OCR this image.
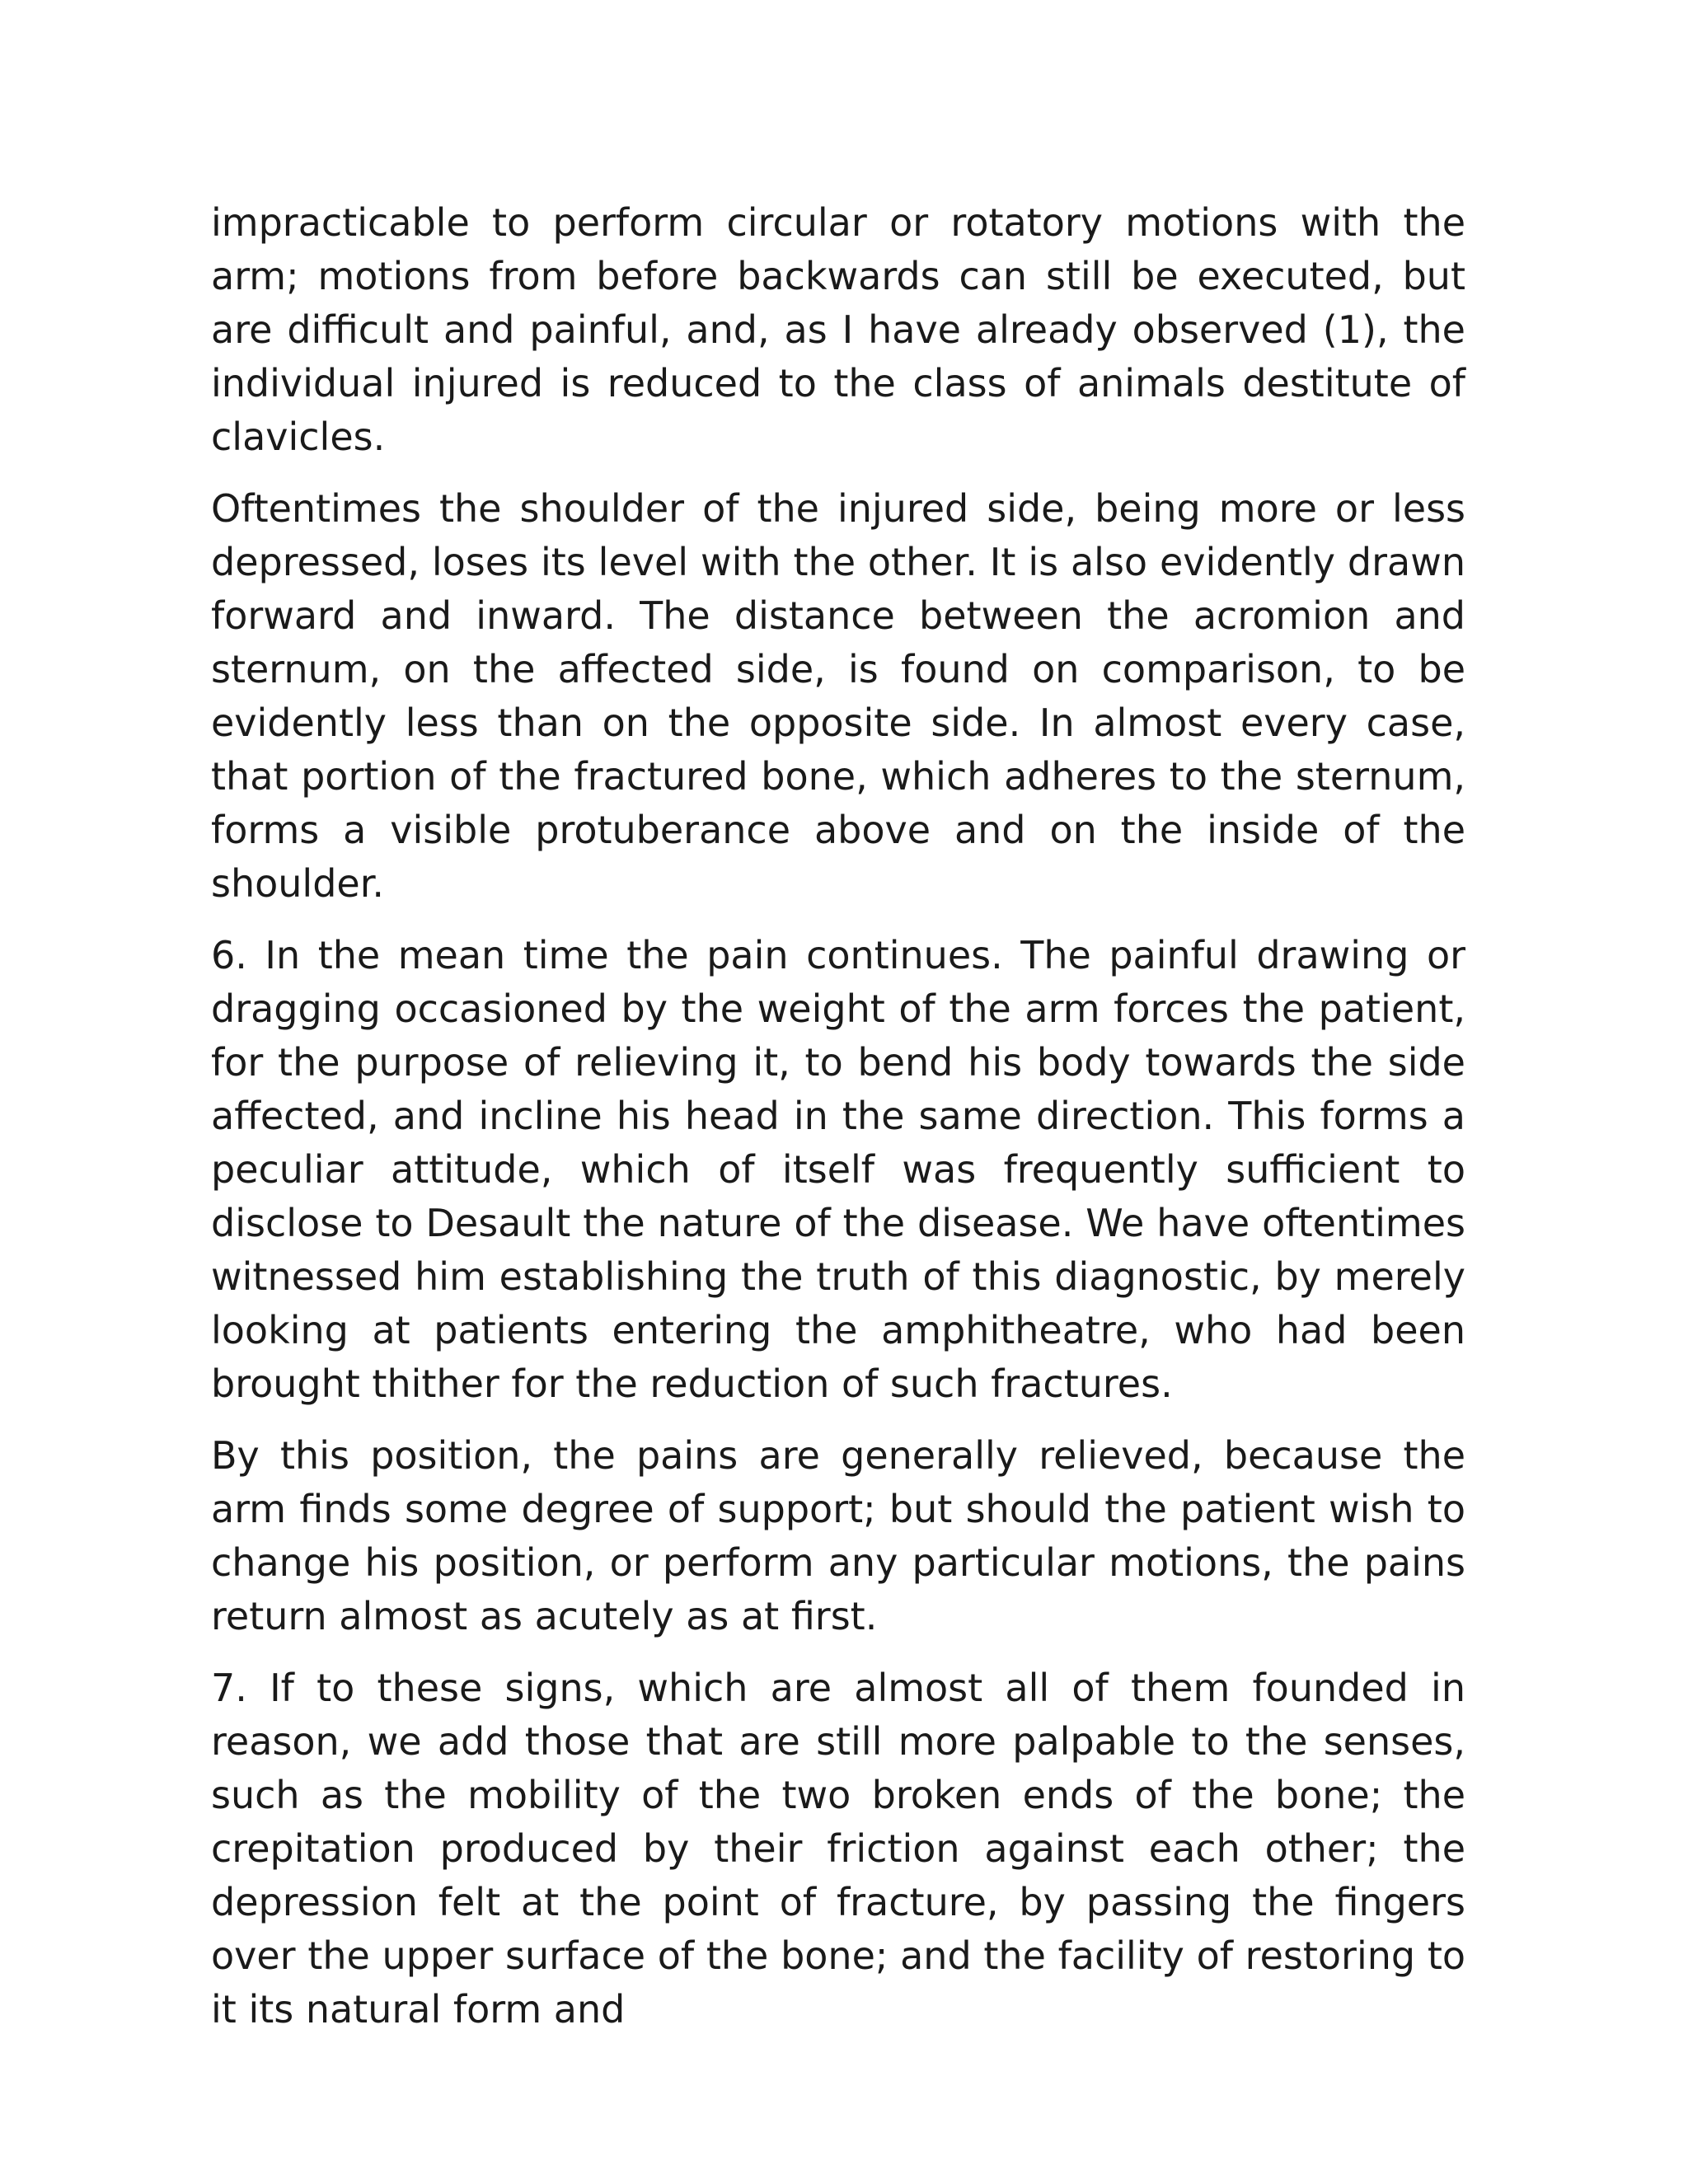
impracticable to perform circular or rotatory motions with the arm; motions from before backwards can still be executed, but are difficult and painful, and, as I have already observed (1), the individual injured is reduced to the class of animals destitute of clavicles.

Oftentimes the shoulder of the injured side, being more or less depressed, loses its level with the other. It is also evidently drawn forward and inward. The distance between the acromion and sternum, on the affected side, is found on comparison, to be evidently less than on the opposite side. In almost every case, that portion of the fractured bone, which adheres to the sternum, forms a visible protuberance above and on the inside of the shoulder.

6. In the mean time the pain continues. The painful drawing or dragging occasioned by the weight of the arm forces the patient, for the purpose of relieving it, to bend his body towards the side affected, and incline his head in the same direction. This forms a peculiar attitude, which of itself was frequently sufficient to disclose to Desault the nature of the disease. We have oftentimes witnessed him establishing the truth of this diagnostic, by merely looking at patients entering the amphitheatre, who had been brought thither for the reduction of such fractures.

By this position, the pains are generally relieved, because the arm finds some degree of support; but should the patient wish to change his position, or perform any particular motions, the pains return almost as acutely as at first.

7. If to these signs, which are almost all of them founded in reason, we add those that are still more palpable to the senses, such as the mobility of the two broken ends of the bone; the crepitation produced by their friction against each other; the depression felt at the point of fracture, by passing the fingers over the upper surface of the bone; and the facility of restoring to it its natural form and
